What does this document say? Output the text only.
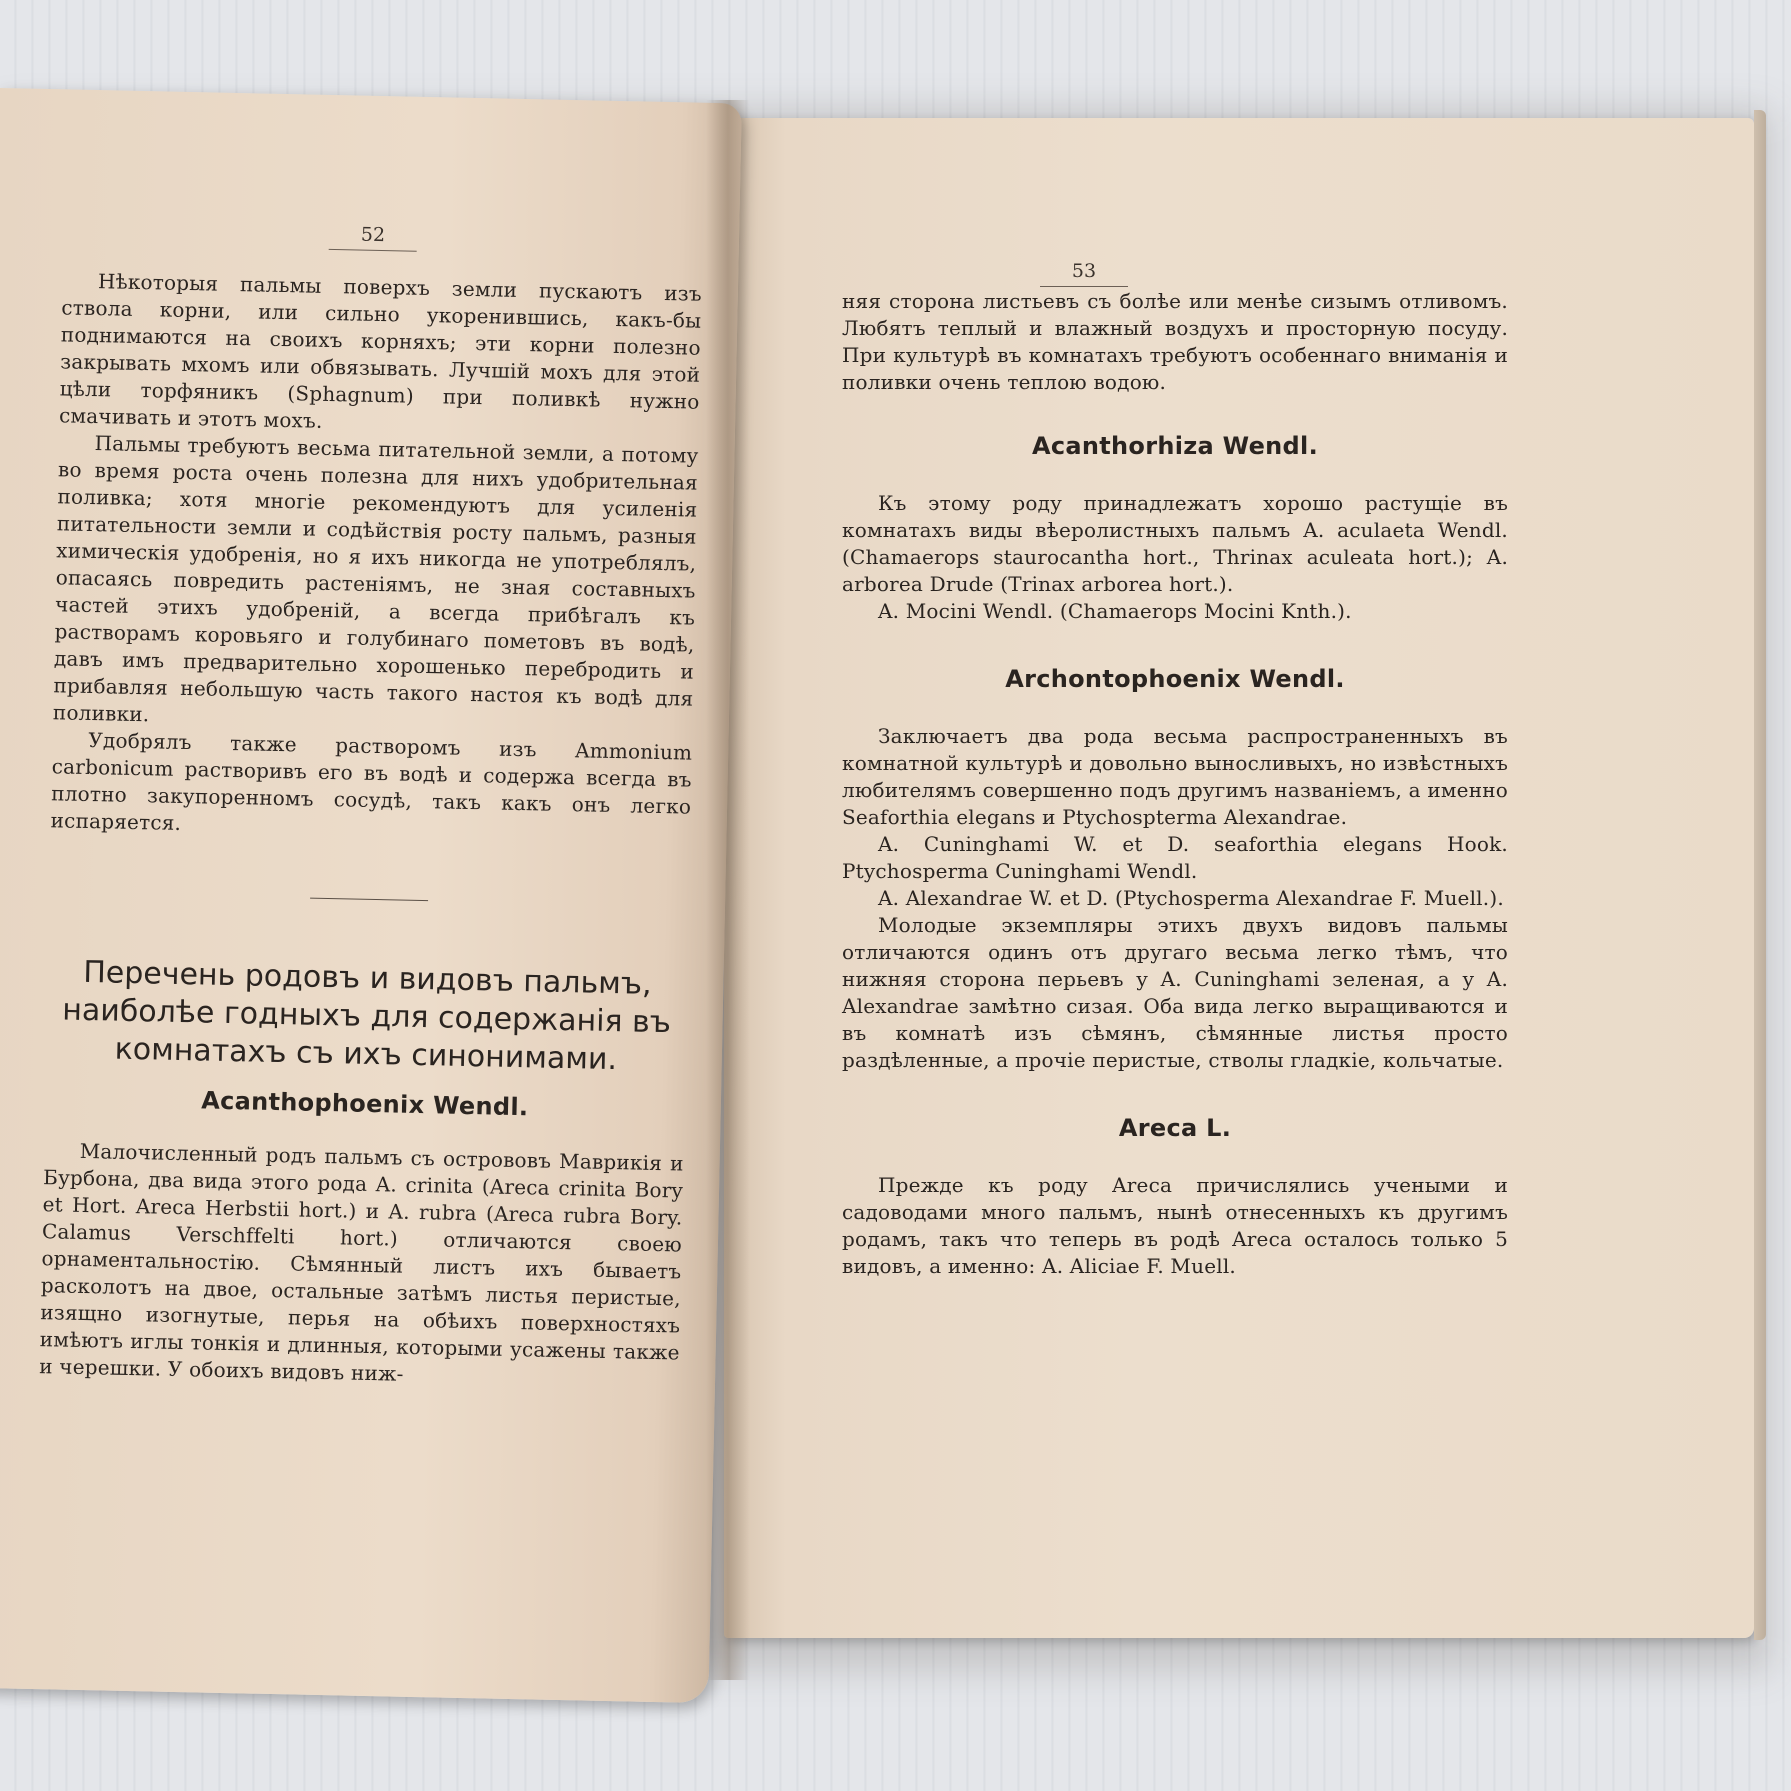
53

няя сторона листьевъ съ болѣе или менѣе сизымъ отливомъ. Любятъ теплый и влажный воздухъ и просторную посуду. При культурѣ въ комнатахъ требуютъ особеннаго вниманія и поливки очень теплою водою.

Acanthorhiza Wendl.

Къ этому роду принадлежатъ хорошо растущіе въ комнатахъ виды вѣеролистныхъ пальмъ A. aculaeta Wendl. (Chamaerops staurocantha hort., Thrinax aculeata hort.); A. arborea Drude (Trinax arborea hort.).

A. Mocini Wendl. (Chamaerops Mocini Knth.).

Archontophoenix Wendl.

Заключаетъ два рода весьма распространенныхъ въ комнатной культурѣ и довольно выносливыхъ, но извѣстныхъ любителямъ совершенно подъ другимъ названіемъ, а именно Seaforthia elegans и Ptychospterma Alexandrae.

A. Cuninghami W. et D. seaforthia elegans Hook. Ptychosperma Cuninghami Wendl.

A. Alexandrae W. et D. (Ptychosperma Alexandrae F. Muell.).

Молодые экземпляры этихъ двухъ видовъ пальмы отличаются одинъ отъ другаго весьма легко тѣмъ, что нижняя сторона перьевъ у A. Cuninghami зеленая, а у A. Alexandrae замѣтно сизая. Оба вида легко выращиваются и въ комнатѣ изъ сѣмянъ, сѣмянные листья просто раздѣленные, а прочіе перистые, стволы гладкіе, кольчатые.

Areca L.

Прежде къ роду Areca причислялись учеными и садоводами много пальмъ, нынѣ отнесенныхъ къ другимъ родамъ, такъ что теперь въ родѣ Areca осталось только 5 видовъ, а именно: A. Aliciae F. Muell.

52

Нѣкоторыя пальмы поверхъ земли пускаютъ изъ ствола корни, или сильно укоренившись, какъ-бы поднимаются на своихъ корняхъ; эти корни полезно закрывать мхомъ или обвязывать. Лучшій мохъ для этой цѣли торфяникъ (Sphagnum) при поливкѣ нужно смачивать и этотъ мохъ.

Пальмы требуютъ весьма питательной земли, а потому во время роста очень полезна для нихъ удобрительная поливка; хотя многіе рекомендуютъ для усиленія питательности земли и содѣйствія росту пальмъ, разныя химическія удобренія, но я ихъ никогда не употреблялъ, опасаясь повредить растеніямъ, не зная составныхъ частей этихъ удобреній, а всегда прибѣгалъ къ растворамъ коровьяго и голубинаго пометовъ въ водѣ, давъ имъ предварительно хорошенько перебродить и прибавляя небольшую часть такого настоя къ водѣ для поливки.

Удобрялъ также растворомъ изъ Ammonium carbonicum растворивъ его въ водѣ и содержа всегда въ плотно закупоренномъ сосудѣ, такъ какъ онъ легко испаряется.

Перечень родовъ и видовъ пальмъ, наиболѣе годныхъ для содержанія въ комнатахъ съ ихъ синонимами.
Acanthophoenix Wendl.

Малочисленный родъ пальмъ съ острововъ Маврикія и Бурбона, два вида этого рода A. crinita (Areca crinita Bory et Hort. Areca Herbstii hort.) и A. rubra (Areca rubra Bory. Calamus Verschffelti hort.) отличаются своею орнаментальностію. Сѣмянный листъ ихъ бываетъ расколотъ на двое, остальные затѣмъ листья перистые, изящно изогнутые, перья на обѣихъ поверхностяхъ имѣютъ иглы тонкія и длинныя, которыми усажены также и черешки. У обоихъ видовъ ниж-
